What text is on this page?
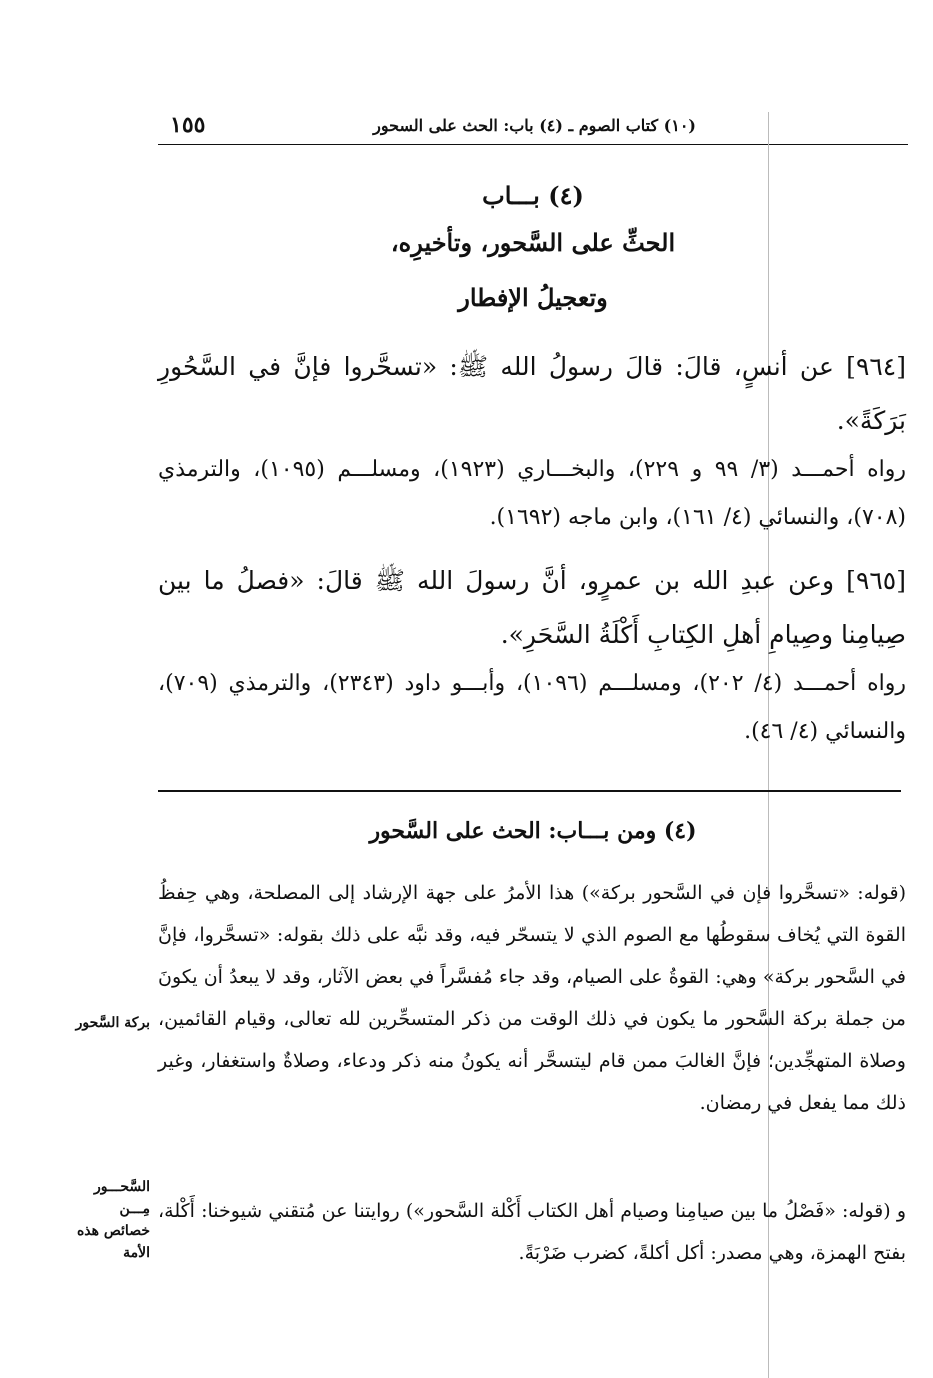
١٥٥	(١٠) كتاب الصوم ـ (٤) باب: الحث على السحور
(٤) بـــاب
الحثِّ على السَّحور، وتأخيرِه،
وتعجيلُ الإفطار
[٩٦٤] عن أنسٍ، قالَ: قالَ رسولُ الله ﷺ: «تسحَّروا فإنَّ في السَّحُورِ بَرَكَةً».
رواه أحمـــد (٣/ ٩٩ و ٢٢٩)، والبخـــاري (١٩٢٣)، ومسلـــم (١٠٩٥)، والترمذي (٧٠٨)، والنسائي (٤/ ١٦١)، وابن ماجه (١٦٩٢).
[٩٦٥] وعن عبدِ الله بن عمرٍو، أنَّ رسولَ الله ﷺ قالَ: «فصلُ ما بين صِيامِنا وصِيامِ أهلِ الكِتابِ أَكْلَةُ السَّحَرِ».
رواه أحمـــد (٤/ ٢٠٢)، ومسلـــم (١٠٩٦)، وأبـــو داود (٢٣٤٣)، والترمذي (٧٠٩)، والنسائي (٤/ ٤٦).
(٤) ومن بـــاب: الحث على السَّحور
(قوله: «تسحَّروا فإن في السَّحور بركة») هذا الأمرُ على جهة الإرشاد إلى المصلحة، وهي حِفظُ القوة التي يُخاف سقوطُها مع الصوم الذي لا يتسحّر فيه، وقد نبَّه على ذلك بقوله: «تسحَّروا، فإنَّ في السَّحور بركة» وهي: القوةُ على الصيام، وقد جاء مُفسَّراً في بعض الآثار، وقد لا يبعدُ أن يكونَ من جملة بركة السَّحور ما يكون في ذلك الوقت من ذكر المتسحِّرين لله تعالى، وقيام القائمين، وصلاة المتهجِّدين؛ فإنَّ الغالبَ ممن قام ليتسحَّر أنه يكونُ منه ذكر ودعاء، وصلاةٌ واستغفار، وغير ذلك مما يفعل في رمضان.
و (قوله: «فَصْلُ ما بين صيامِنا وصيام أهل الكتاب أَكْلة السَّحور») روايتنا عن مُتقني شيوخنا: أَكْلة، بفتح الهمزة، وهي مصدر: أكل أكلةً، كضرب ضَرْبَةً.
بركة السَّحور
السَّحـــور مِـــن خصائص هذه الأمة
